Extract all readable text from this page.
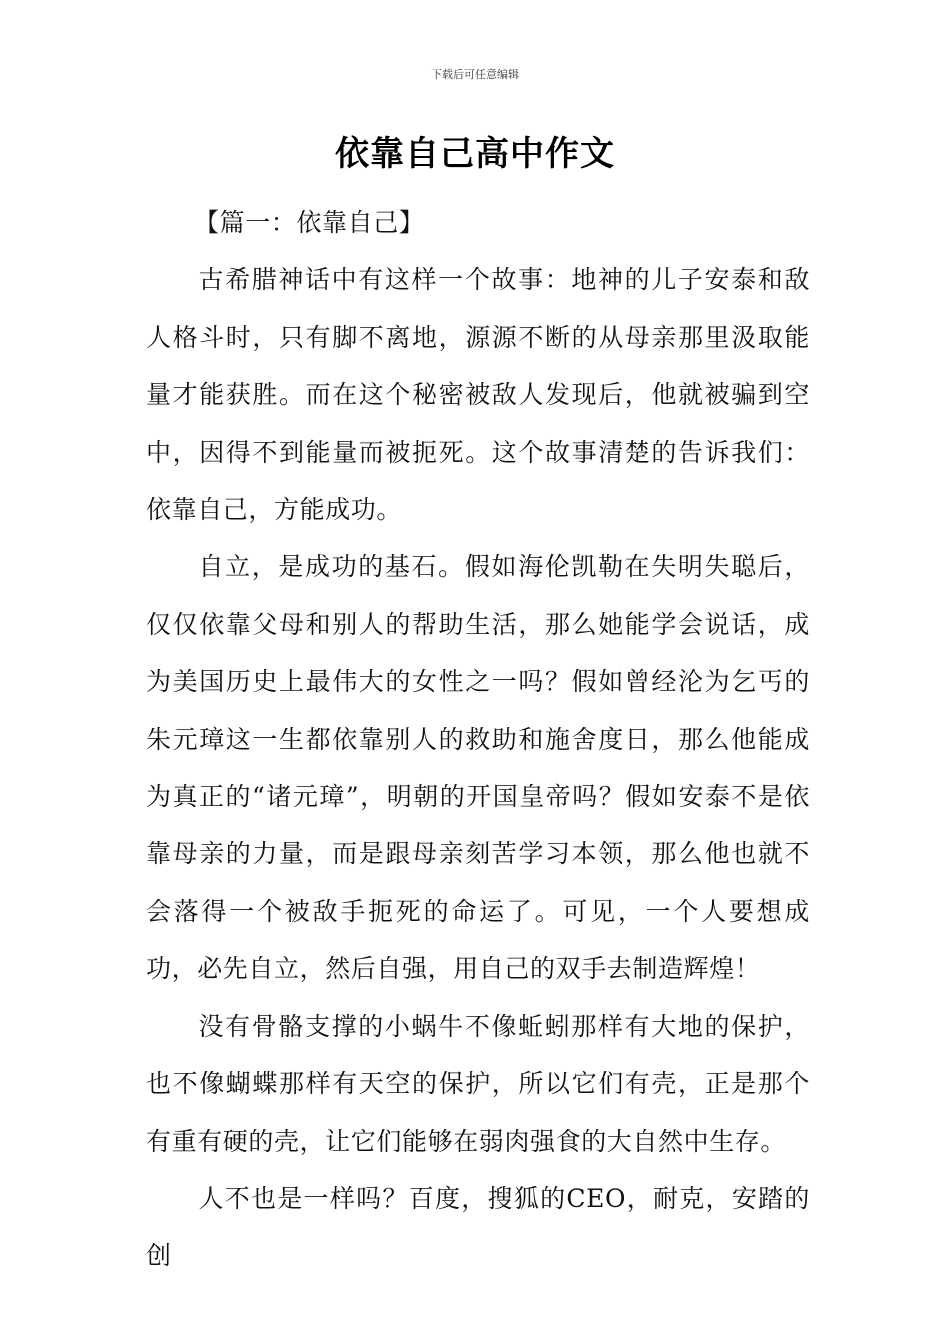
下载后可任意编辑
依靠自己高中作文

【篇一：依靠自己】

古希腊神话中有这样一个故事：地神的儿子安泰和敌人格斗时，只有脚不离地，源源不断的从母亲那里汲取能量才能获胜。而在这个秘密被敌人发现后，他就被骗到空中，因得不到能量而被扼死。这个故事清楚的告诉我们：依靠自己，方能成功。

自立，是成功的基石。假如海伦凯勒在失明失聪后，仅仅依靠父母和别人的帮助生活，那么她能学会说话，成为美国历史上最伟大的女性之一吗？假如曾经沦为乞丐的朱元璋这一生都依靠别人的救助和施舍度日，那么他能成为真正的“诸元璋”，明朝的开国皇帝吗？假如安泰不是依靠母亲的力量，而是跟母亲刻苦学习本领，那么他也就不会落得一个被敌手扼死的命运了。可见，一个人要想成功，必先自立，然后自强，用自己的双手去制造辉煌！

没有骨骼支撑的小蜗牛不像蚯蚓那样有大地的保护，也不像蝴蝶那样有天空的保护，所以它们有壳，正是那个有重有硬的壳，让它们能够在弱肉强食的大自然中生存。

人不也是一样吗？百度，搜狐的CEO，耐克，安踏的创
